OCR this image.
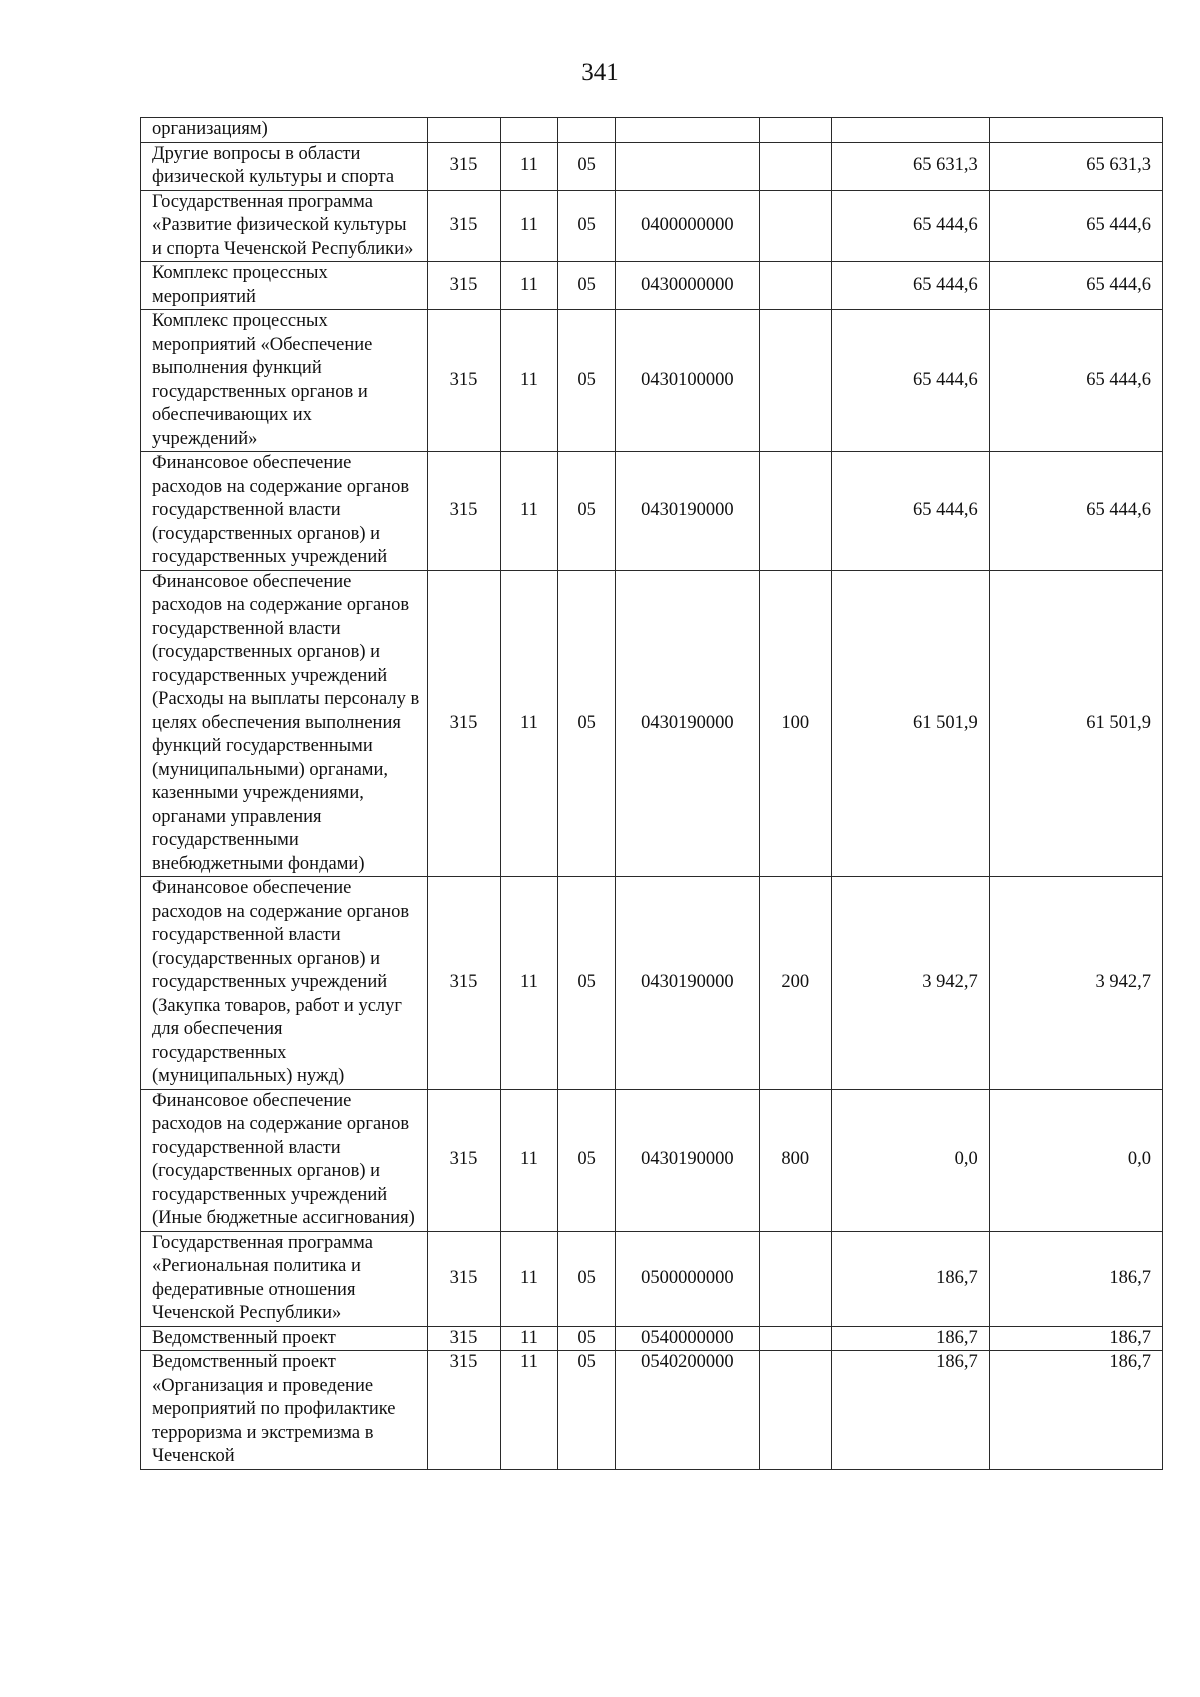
341
организациям)							
Другие вопросы в области физической культуры и спорта	315	11	05			65 631,3	65 631,3
Государственная программа «Развитие физической культуры и спорта Чеченской Республики»	315	11	05	0400000000		65 444,6	65 444,6
Комплекс процессных мероприятий	315	11	05	0430000000		65 444,6	65 444,6
Комплекс процессных мероприятий «Обеспечение выполнения функций государственных органов и обеспечивающих их учреждений»	315	11	05	0430100000		65 444,6	65 444,6
Финансовое обеспечение расходов на содержание органов государственной власти (государственных органов) и государственных учреждений	315	11	05	0430190000		65 444,6	65 444,6
Финансовое обеспечение расходов на содержание органов государственной власти (государственных органов) и государственных учреждений (Расходы на выплаты персоналу в целях обеспечения выполнения функций государственными (муниципальными) органами, казенными учреждениями, органами управления государственными внебюджетными фондами)	315	11	05	0430190000	100	61 501,9	61 501,9
Финансовое обеспечение расходов на содержание органов государственной власти (государственных органов) и государственных учреждений (Закупка товаров, работ и услуг для обеспечения государственных (муниципальных) нужд)	315	11	05	0430190000	200	3 942,7	3 942,7
Финансовое обеспечение расходов на содержание органов государственной власти (государственных органов) и государственных учреждений (Иные бюджетные ассигнования)	315	11	05	0430190000	800	0,0	0,0
Государственная программа «Региональная политика и федеративные отношения Чеченской Республики»	315	11	05	0500000000		186,7	186,7
Ведомственный проект	315	11	05	0540000000		186,7	186,7
Ведомственный проект «Организация и проведение мероприятий по профилактике терроризма и экстремизма в Чеченской	315	11	05	0540200000		186,7	186,7
